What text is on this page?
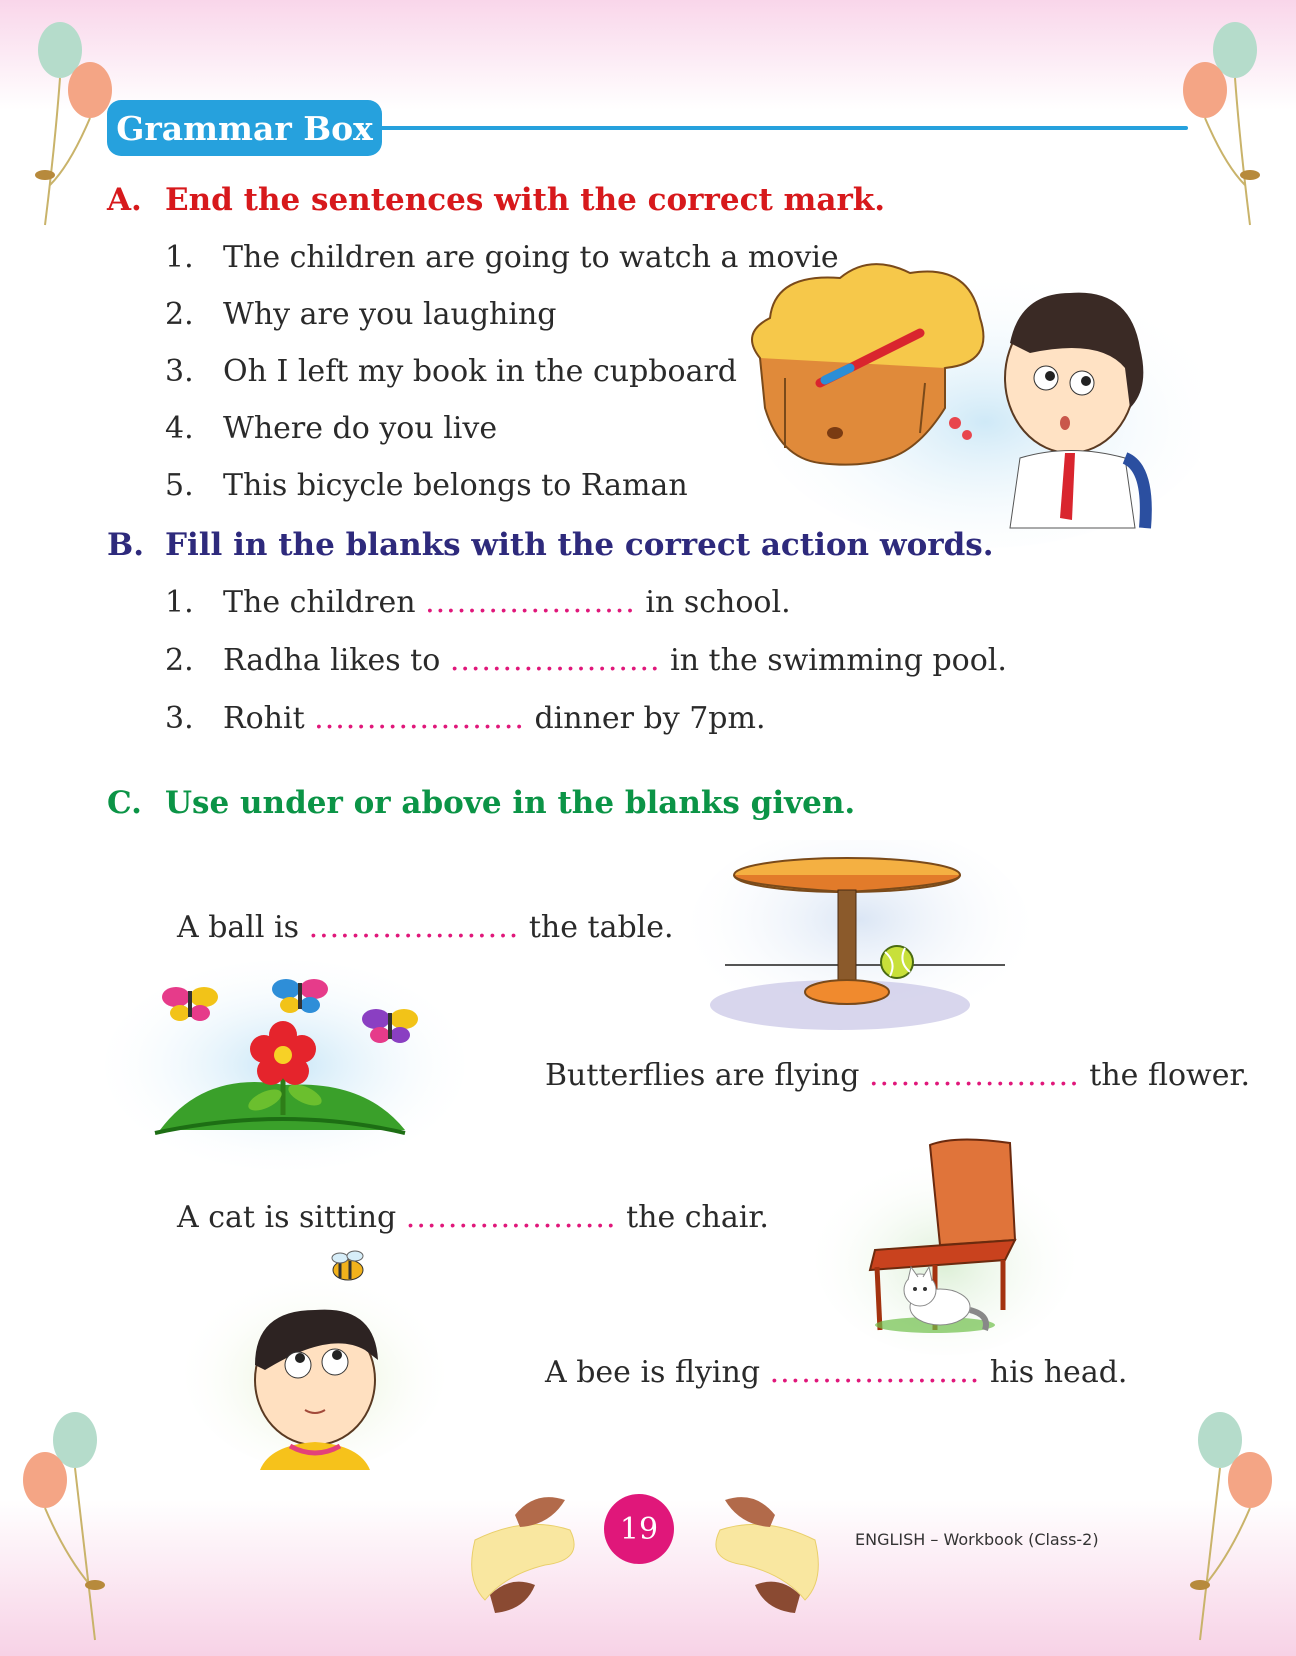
Grammar Box
A. End the sentences with the correct mark.
1. The children are going to watch a movie
2. Why are you laughing
3. Oh I left my book in the cupboard
4. Where do you live
5. This bicycle belongs to Raman
B. Fill in the blanks with the correct action words.
1. The children .................... in school.
2. Radha likes to .................... in the swimming pool.
3. Rohit .................... dinner by 7pm.
C. Use under or above in the blanks given.
A ball is .................... the table.
Butterflies are flying .................... the flower.
A cat is sitting .................... the chair.
A bee is flying .................... his head.
19	ENGLISH – Workbook (Class-2)
